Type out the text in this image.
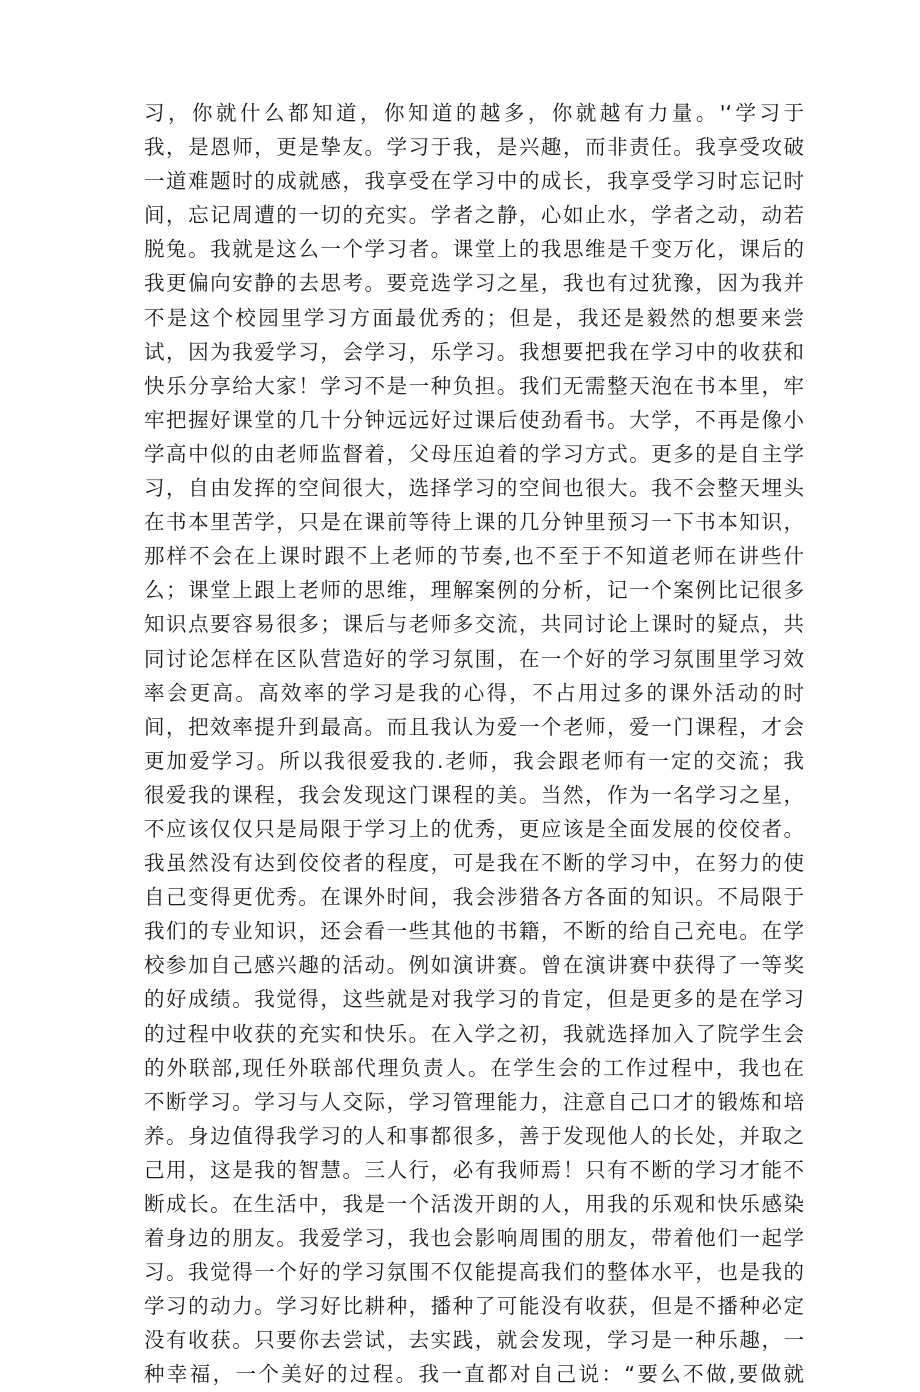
习，你就什么都知道，你知道的越多，你就越有力量。'‘学习于
我，是恩师，更是挚友。学习于我，是兴趣，而非责任。我享受攻破
一道难题时的成就感，我享受在学习中的成长，我享受学习时忘记时
间，忘记周遭的一切的充实。学者之静，心如止水，学者之动，动若
脱兔。我就是这么一个学习者。课堂上的我思维是千变万化，课后的
我更偏向安静的去思考。要竞选学习之星，我也有过犹豫，因为我并
不是这个校园里学习方面最优秀的；但是，我还是毅然的想要来尝
试，因为我爱学习，会学习，乐学习。我想要把我在学习中的收获和
快乐分享给大家！学习不是一种负担。我们无需整天泡在书本里，牢
牢把握好课堂的几十分钟远远好过课后使劲看书。大学，不再是像小
学高中似的由老师监督着，父母压迫着的学习方式。更多的是自主学
习，自由发挥的空间很大，选择学习的空间也很大。我不会整天埋头
在书本里苦学，只是在课前等待上课的几分钟里预习一下书本知识，
那样不会在上课时跟不上老师的节奏,也不至于不知道老师在讲些什
么；课堂上跟上老师的思维，理解案例的分析，记一个案例比记很多
知识点要容易很多；课后与老师多交流，共同讨论上课时的疑点，共
同讨论怎样在区队营造好的学习氛围，在一个好的学习氛围里学习效
率会更高。高效率的学习是我的心得，不占用过多的课外活动的时
间，把效率提升到最高。而且我认为爱一个老师，爱一门课程，才会
更加爱学习。所以我很爱我的.老师，我会跟老师有一定的交流；我
很爱我的课程，我会发现这门课程的美。当然，作为一名学习之星，
不应该仅仅只是局限于学习上的优秀，更应该是全面发展的佼佼者。
我虽然没有达到佼佼者的程度，可是我在不断的学习中，在努力的使
自己变得更优秀。在课外时间，我会涉猎各方各面的知识。不局限于
我们的专业知识，还会看一些其他的书籍，不断的给自己充电。在学
校参加自己感兴趣的活动。例如演讲赛。曾在演讲赛中获得了一等奖
的好成绩。我觉得，这些就是对我学习的肯定，但是更多的是在学习
的过程中收获的充实和快乐。在入学之初，我就选择加入了院学生会
的外联部,现任外联部代理负责人。在学生会的工作过程中，我也在
不断学习。学习与人交际，学习管理能力，注意自己口才的锻炼和培
养。身边值得我学习的人和事都很多，善于发现他人的长处，并取之
己用，这是我的智慧。三人行，必有我师焉！只有不断的学习才能不
断成长。在生活中，我是一个活泼开朗的人，用我的乐观和快乐感染
着身边的朋友。我爱学习，我也会影响周围的朋友，带着他们一起学
习。我觉得一个好的学习氛围不仅能提高我们的整体水平，也是我的
学习的动力。学习好比耕种，播种了可能没有收获，但是不播种必定
没有收获。只要你去尝试，去实践，就会发现，学习是一种乐趣，一
种幸福，一个美好的过程。我一直都对自己说：“要么不做,要做就
